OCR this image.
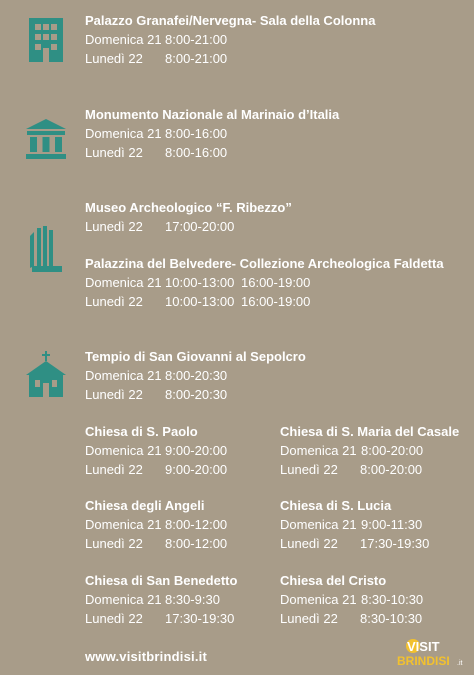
Palazzo Granafei/Nervegna- Sala della Colonna
Domenica 21 8:00-21:00
Lunedì 22 8:00-21:00
Monumento Nazionale al Marinaio d’Italia
Domenica 21 8:00-16:00
Lunedì 22 8:00-16:00
Museo Archeologico “F. Ribezzo”
Lunedì 22 17:00-20:00
Palazzina del Belvedere- Collezione Archeologica Faldetta
Domenica 21 10:00-13:00 16:00-19:00
Lunedì 22 10:00-13:00 16:00-19:00
Tempio di San Giovanni al Sepolcro
Domenica 21 8:00-20:30
Lunedì 22 8:00-20:30
Chiesa di S. Paolo
Domenica 21 9:00-20:00
Lunedì 22 9:00-20:00
Chiesa di S. Maria del Casale
Domenica 21 8:00-20:00
Lunedì 22 8:00-20:00
Chiesa degli Angeli
Domenica 21 8:00-12:00
Lunedì 22 8:00-12:00
Chiesa di S. Lucia
Domenica 21 9:00-11:30
Lunedì 22 17:30-19:30
Chiesa di San Benedetto
Domenica 21 8:30-9:30
Lunedì 22 17:30-19:30
Chiesa del Cristo
Domenica 21 8:30-10:30
Lunedì 22 8:30-10:30
www.visitbrindisi.it
VISIT
BRINDISI .it
